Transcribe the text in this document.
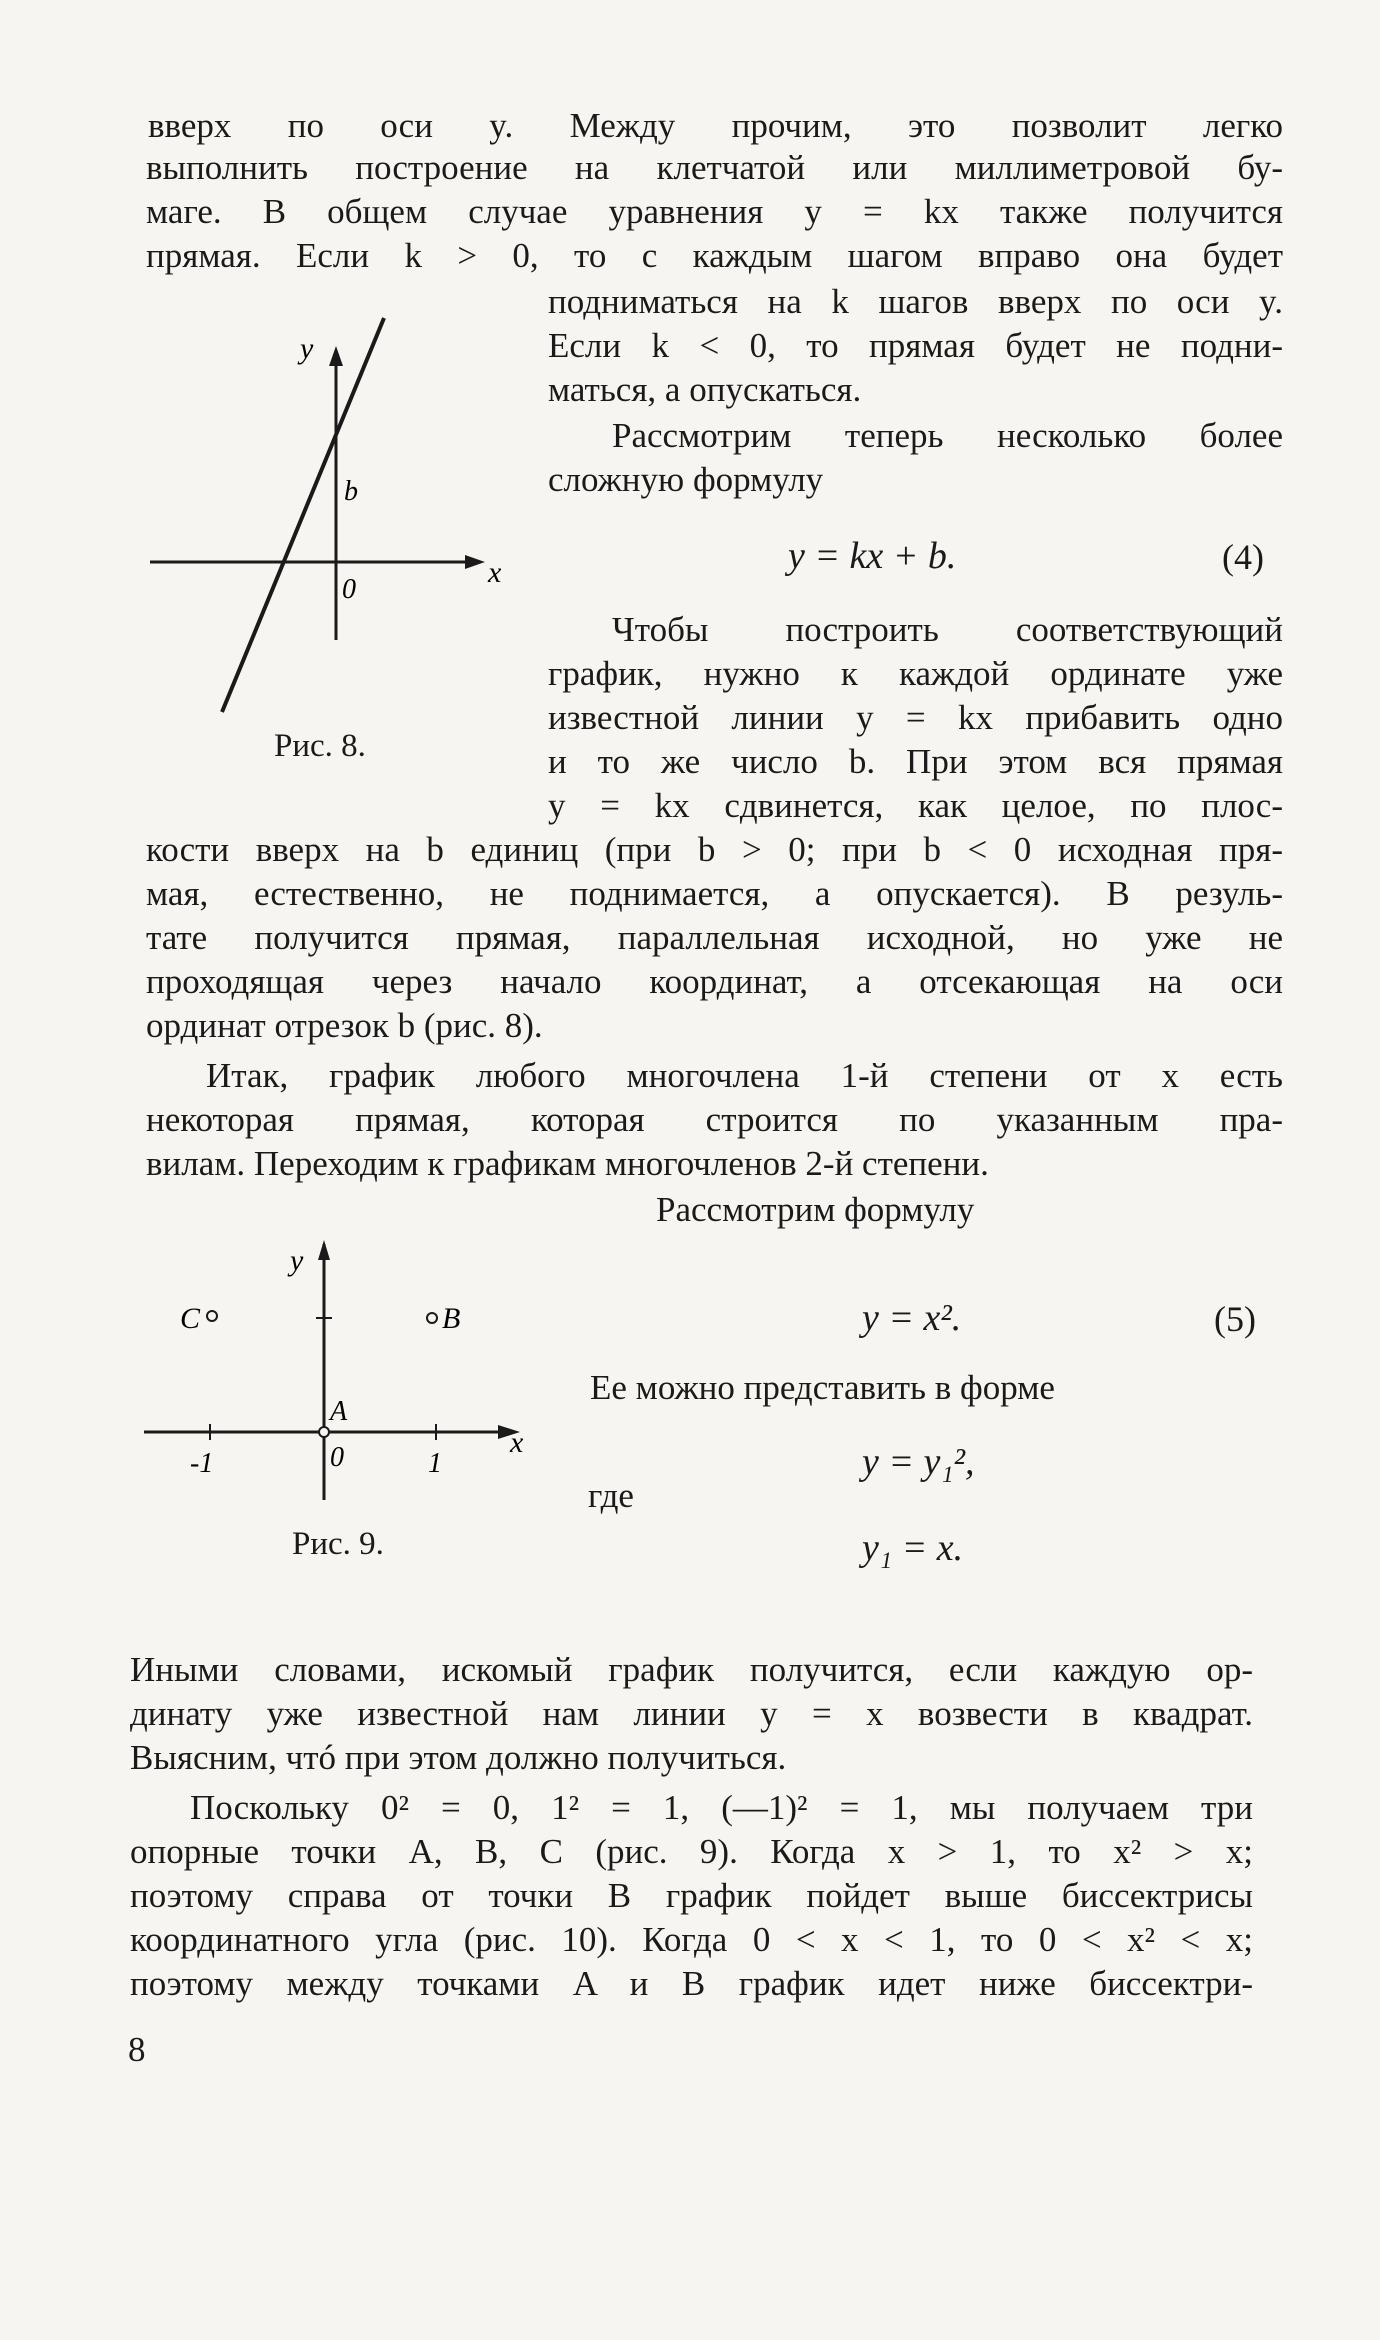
вверх по оси y. Между прочим, это позволит легко
выполнить построение на клетчатой или миллиметровой бу-
маге. В общем случае уравнения y = kx также получится
прямая. Если k > 0, то с каждым шагом вправо она будет
подниматься на k шагов вверх по оси y.
Если k < 0, то прямая будет не подни-
маться, а опускаться.
Рассмотрим теперь несколько более
сложную формулу
y = kx + b.	(4)
Чтобы построить соответствующий
график, нужно к каждой ординате уже
известной линии y = kx прибавить одно
и то же число b. При этом вся прямая
y = kx сдвинется, как целое, по плос-
y
x
b
0
Рис. 8.
кости вверх на b единиц (при b > 0; при b < 0 исходная пря-
мая, естественно, не поднимается, а опускается). В резуль-
тате получится прямая, параллельная исходной, но уже не
проходящая через начало координат, а отсекающая на оси
ординат отрезок b (рис. 8).
Итак, график любого многочлена 1-й степени от x есть
некоторая прямая, которая строится по указанным пра-
вилам. Переходим к графикам многочленов 2-й степени.
Рассмотрим формулу
y
x
B
C
A
0	1
-1
Рис. 9.
y = x².	(5)
Ее можно представить в форме
y = y₁²,
где
y₁ = x.
Иными словами, искомый график получится, если каждую ор-
динату уже известной нам линии y = x возвести в квадрат.
Выясним, чтó при этом должно получиться.
Поскольку 0² = 0, 1² = 1, (—1)² = 1, мы получаем три
опорные точки A, B, C (рис. 9). Когда x > 1, то x² > x;
поэтому справа от точки B график пойдет выше биссектрисы
координатного угла (рис. 10). Когда 0 < x < 1, то 0 < x² < x;
поэтому между точками A и B график идет ниже биссектри-
8
